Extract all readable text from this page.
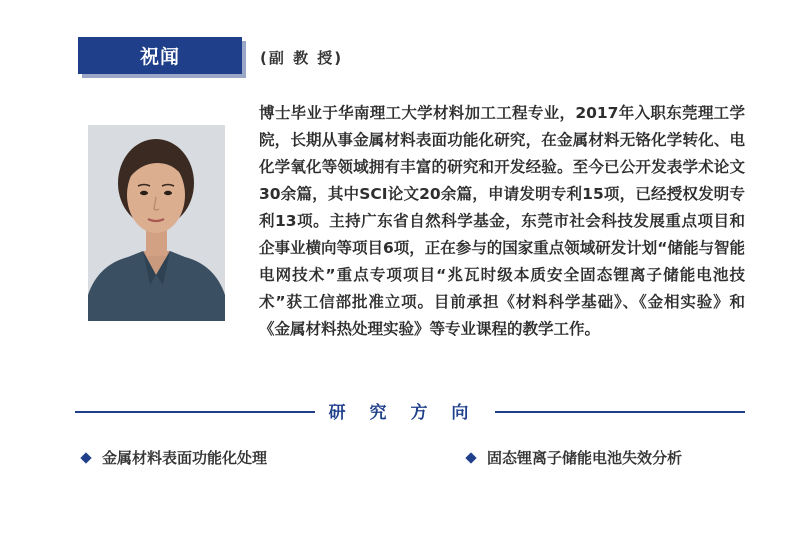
祝闻	(副 教 授)
博士毕业于华南理工大学材料加工工程专业，2017年入职东莞理工学院，长期从事金属材料表面功能化研究，在金属材料无铬化学转化、电化学氧化等领域拥有丰富的研究和开发经验。至今已公开发表学术论文30余篇，其中SCI论文20余篇，申请发明专利15项，已经授权发明专利13项。主持广东省自然科学基金，东莞市社会科技发展重点项目和企事业横向等项目6项，正在参与的国家重点领域研发计划“储能与智能电网技术”重点专项项目“兆瓦时级本质安全固态锂离子储能电池技术”获工信部批准立项。目前承担《材料科学基础》、《金相实验》和《金属材料热处理实验》等专业课程的教学工作。
研 究 方 向
金属材料表面功能化处理	固态锂离子储能电池失效分析
